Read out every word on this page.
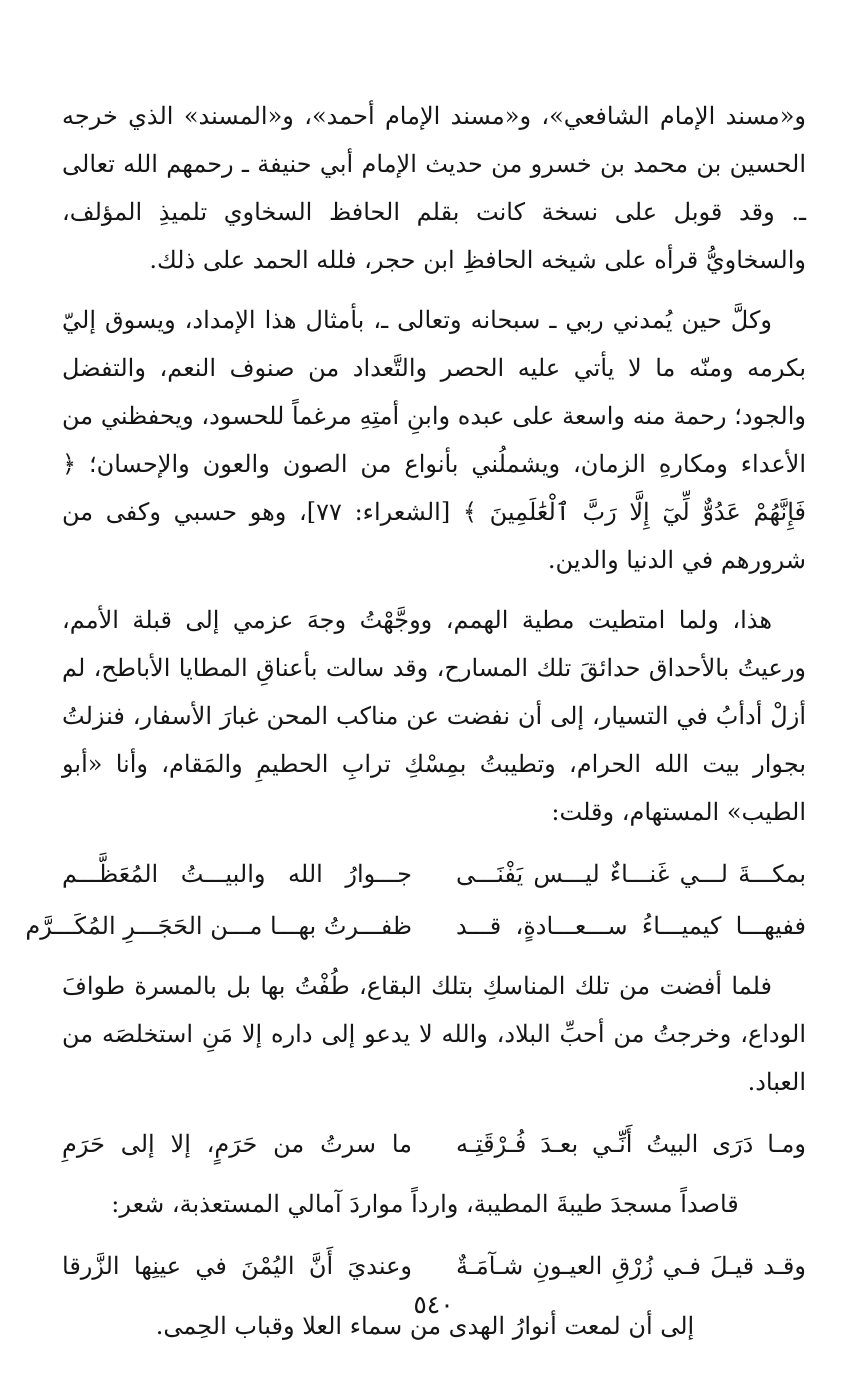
و«مسند الإمام الشافعي»، و«مسند الإمام أحمد»، و«المسند» الذي خرجه الحسين بن محمد بن خسرو من حديث الإمام أبي حنيفة ـ رحمهم الله تعالى ـ. وقد قوبل على نسخة كانت بقلم الحافظ السخاوي تلميذِ المؤلف، والسخاويُّ قرأه على شيخه الحافظِ ابن حجر، فلله الحمد على ذلك.

وكلَّ حين يُمدني ربي ـ سبحانه وتعالى ـ، بأمثال هذا الإمداد، ويسوق إليّ بكرمه ومنّه ما لا يأتي عليه الحصر والتَّعداد من صنوف النعم، والتفضل والجود؛ رحمة منه واسعة على عبده وابنِ أمتِهِ مرغماً للحسود، ويحفظني من الأعداء ومكارهِ الزمان، ويشملُني بأنواع من الصون والعون والإحسان؛ ﴿ فَإِنَّهُمْ عَدُوٌّ لِّيٓ إِلَّا رَبَّ ٱلْعَٰلَمِينَ ﴾ [الشعراء: ٧٧]، وهو حسبي وكفى من شرورهم في الدنيا والدين.

هذا، ولما امتطيت مطية الهمم، ووجَّهْتُ وجهَ عزمي إلى قبلة الأمم، ورعيتُ بالأحداق حدائقَ تلك المسارح، وقد سالت بأعناقِ المطايا الأباطح، لم أزلْ أدأبُ في التسيار، إلى أن نفضت عن مناكب المحن غبارَ الأسفار، فنزلتُ بجوار بيت الله الحرام، وتطيبتُ بمِسْكِ ترابِ الحطيمِ والمَقام، وأنا «أبو الطيب» المستهام، وقلت:

بمكـــةَ لـــي غَنـــاءٌ ليـــس يَفْنَـــى
جـــوارُ الله والبيـــتُ المُعَظَّـــم
ففيهـــا كيميـــاءُ ســـعـــادةٍ، قـــد
ظفـــرتُ بهـــا مـــن الحَجَـــرِ المُكَـــرَّم

فلما أفضت من تلك المناسكِ بتلك البقاع، طُفْتُ بها بل بالمسرة طوافَ الوداع، وخرجتُ من أحبِّ البلاد، والله لا يدعو إلى داره إلا مَنِ استخلصَه من العباد.

ومـا دَرَى البيتُ أَنِّـي بعـدَ فُـرْقَتِـه
ما سرتُ من حَرَمٍ، إلا إلى حَرَمِ

قاصداً مسجدَ طيبةَ المطيبة، وارداً مواردَ آمالي المستعذبة، شعر:

وقـد قيـلَ فـي زُرْقِ العيـونِ شـآمَـةٌ
وعنديَ أَنَّ اليُمْنَ في عينِها الزَّرقا

إلى أن لمعت أنوارُ الهدى من سماء العلا وقباب الحِمى.

٥٤٠
